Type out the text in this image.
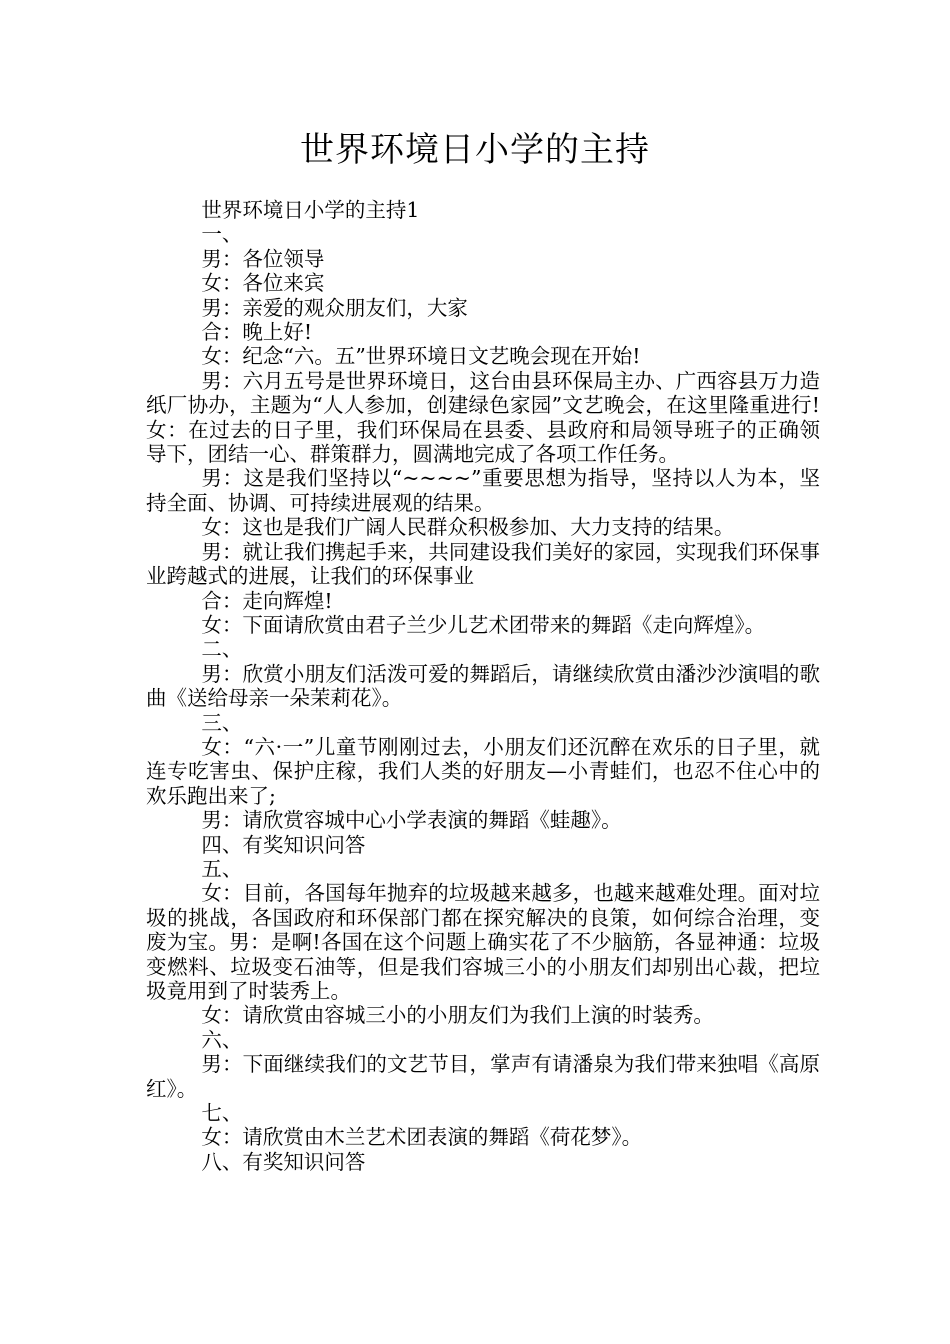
世界环境日小学的主持

世界环境日小学的主持1

一、

男：各位领导

女：各位来宾

男：亲爱的观众朋友们，大家

合：晚上好!

女：纪念“六。五”世界环境日文艺晚会现在开始!

男：六月五号是世界环境日，这台由县环保局主办、广西容县万力造纸厂协办，主题为“人人参加，创建绿色家园”文艺晚会，在这里隆重进行!女：在过去的日子里，我们环保局在县委、县政府和局领导班子的正确领导下，团结一心、群策群力，圆满地完成了各项工作任务。

男：这是我们坚持以“~~~~”重要思想为指导，坚持以人为本，坚持全面、协调、可持续进展观的结果。

女：这也是我们广阔人民群众积极参加、大力支持的结果。

男：就让我们携起手来，共同建设我们美好的家园，实现我们环保事业跨越式的进展，让我们的环保事业

合：走向辉煌!

女：下面请欣赏由君子兰少儿艺术团带来的舞蹈《走向辉煌》。

二、

男：欣赏小朋友们活泼可爱的舞蹈后，请继续欣赏由潘沙沙演唱的歌曲《送给母亲一朵茉莉花》。

三、

女：“六·一”儿童节刚刚过去，小朋友们还沉醉在欢乐的日子里，就连专吃害虫、保护庄稼，我们人类的好朋友—小青蛙们，也忍不住心中的欢乐跑出来了;

男：请欣赏容城中心小学表演的舞蹈《蛙趣》。

四、有奖知识问答

五、

女：目前，各国每年抛弃的垃圾越来越多，也越来越难处理。面对垃圾的挑战，各国政府和环保部门都在探究解决的良策，如何综合治理，变废为宝。男：是啊!各国在这个问题上确实花了不少脑筋，各显神通：垃圾变燃料、垃圾变石油等，但是我们容城三小的小朋友们却别出心裁，把垃圾竟用到了时装秀上。

女：请欣赏由容城三小的小朋友们为我们上演的时装秀。

六、

男：下面继续我们的文艺节目，掌声有请潘泉为我们带来独唱《高原红》。

七、

女：请欣赏由木兰艺术团表演的舞蹈《荷花梦》。

八、有奖知识问答
